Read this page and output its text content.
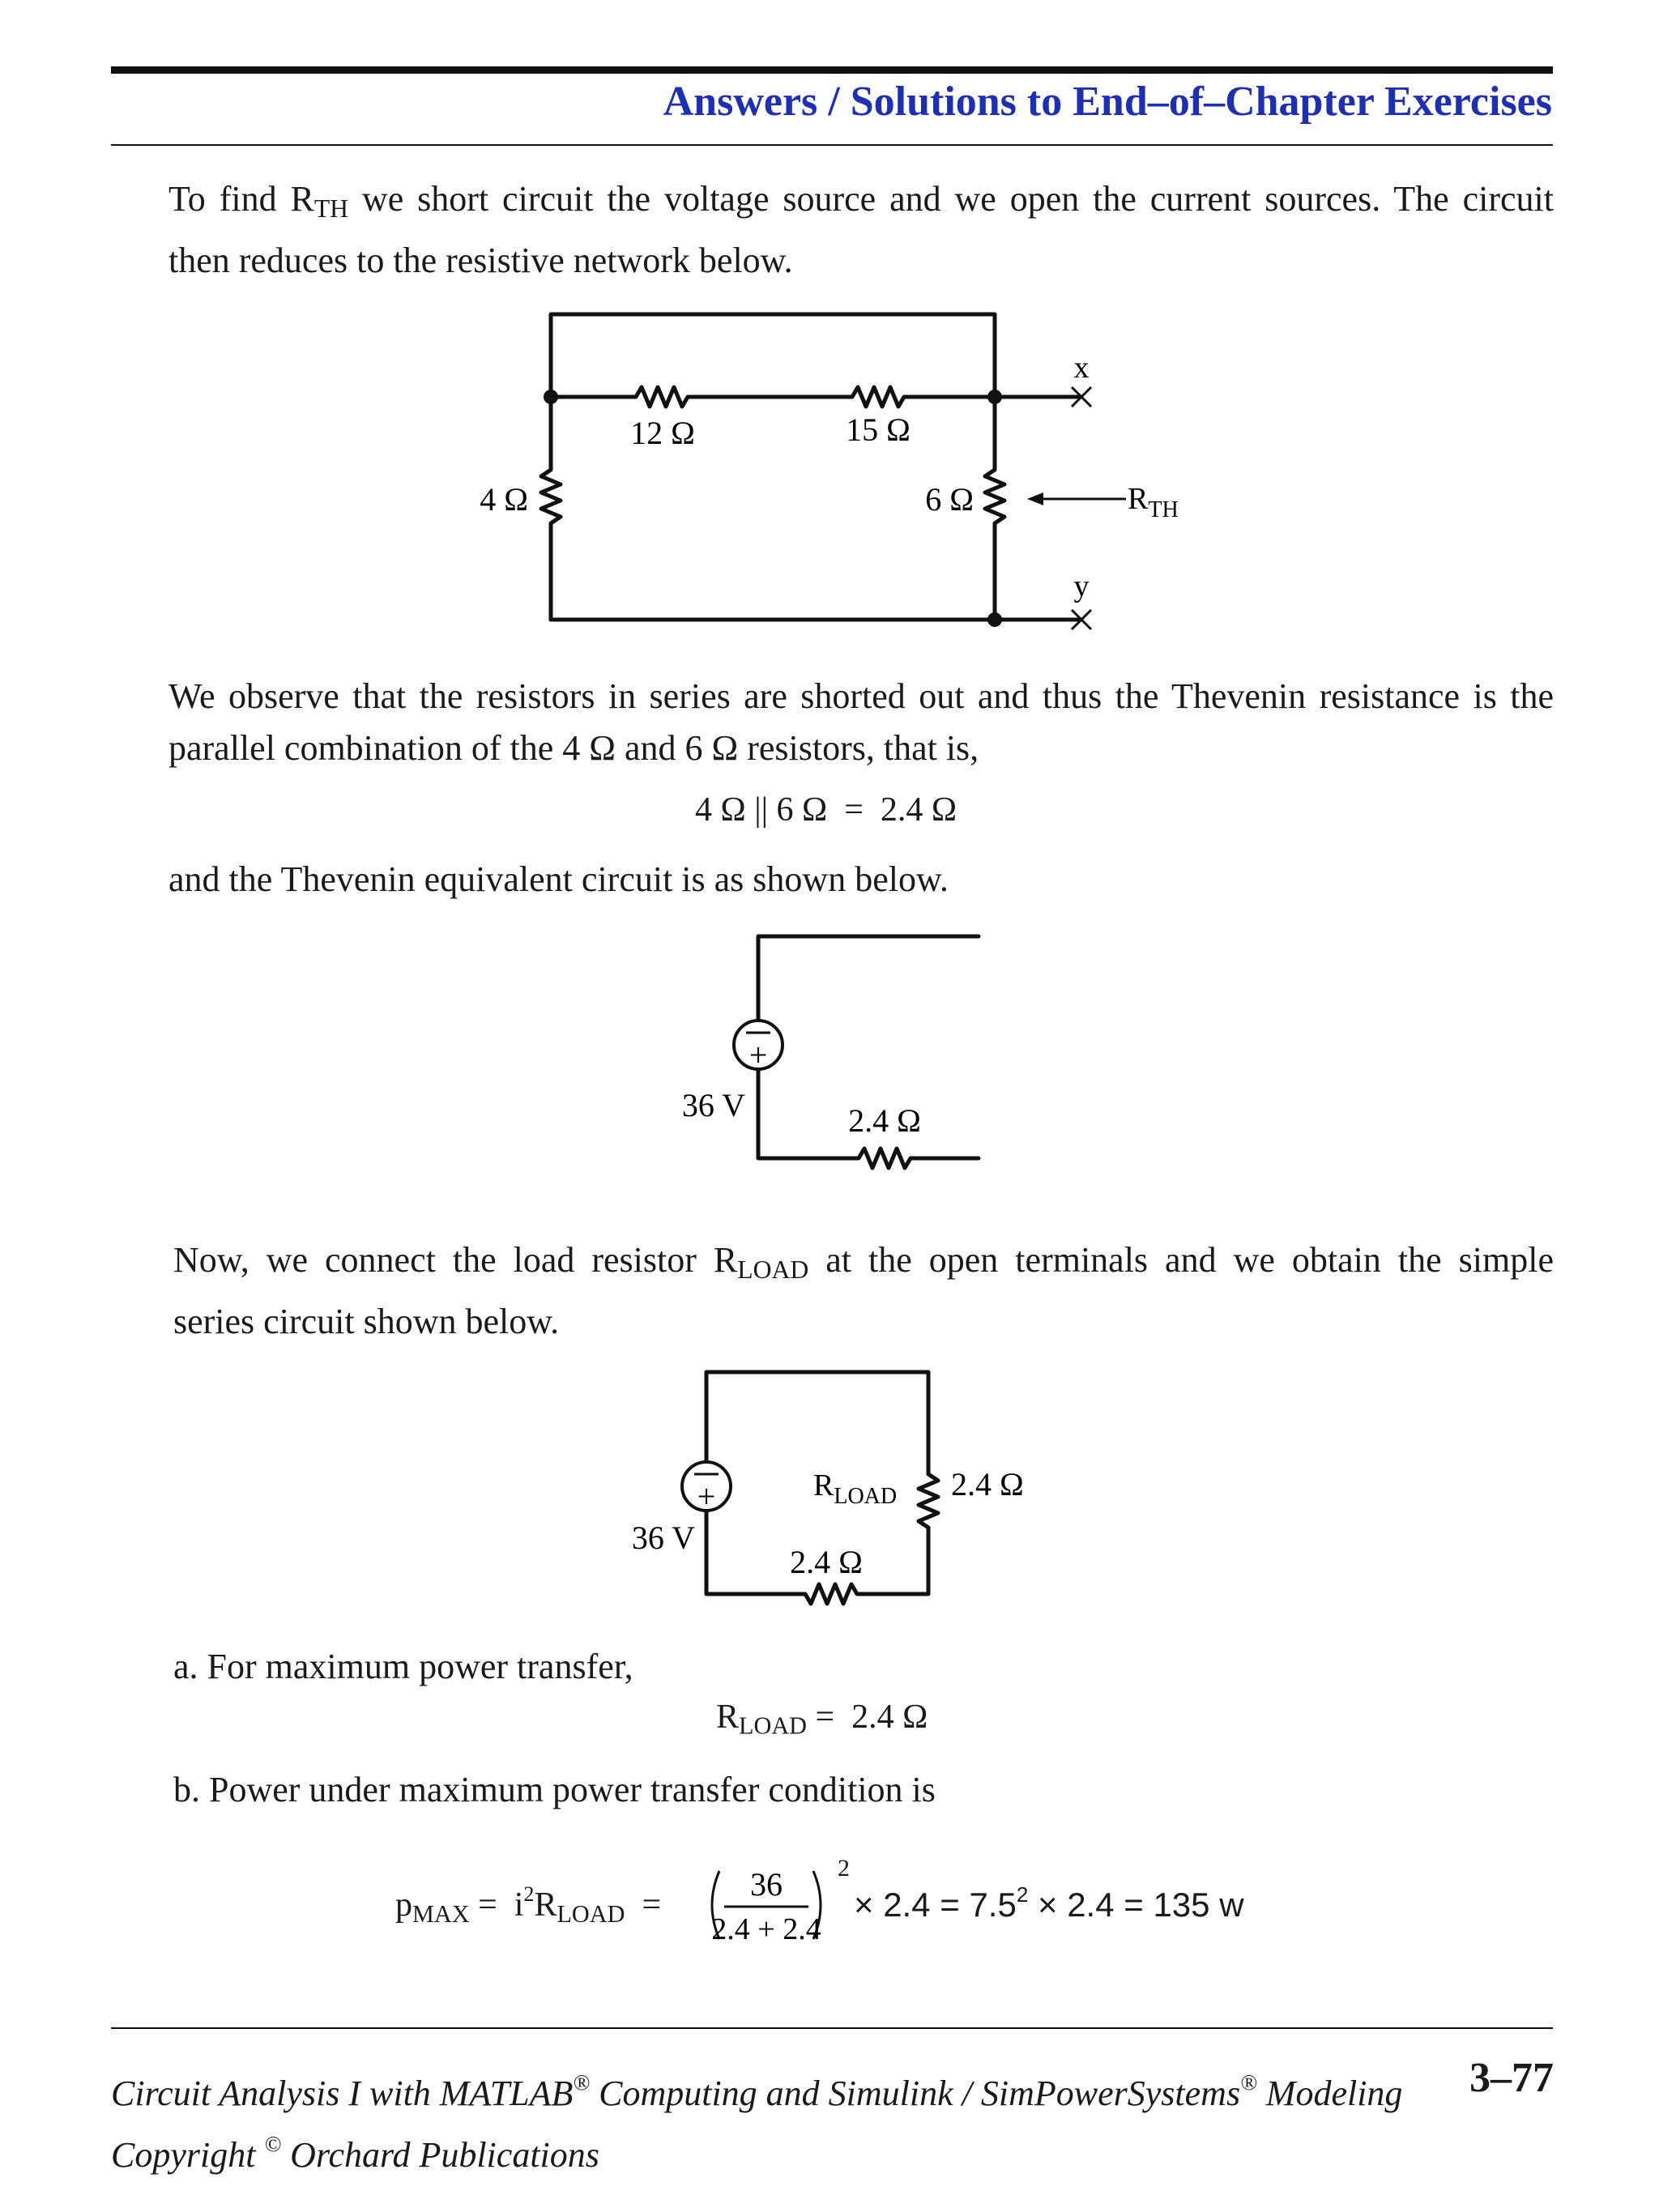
Answers / Solutions to End–of–Chapter Exercises
To find $R_{TH}$ we short circuit the voltage source and we open the current sources. The circuit
then reduces to the resistive network below.
12 Ω	15 Ω
4 Ω	6 Ω
x
y
$R_{TH}$
We observe that the resistors in series are shorted out and thus the Thevenin resistance is the
parallel combination of the 4 Ω and 6 Ω resistors, that is,
4 Ω || 6 Ω  =  2.4 Ω
and the Thevenin equivalent circuit is as shown below.
+
36 V	2.4 Ω
Now, we connect the load resistor $R_{LOAD}$ at the open terminals and we obtain the simple
series circuit shown below.
+
36 V
2.4 Ω
$R_{LOAD}$ 2.4 Ω
a. For maximum power transfer,
$R_{LOAD} = 2.4$ Ω
b. Power under maximum power transfer condition is
$p_{MAX} = i^2R_{LOAD}$  =
36
2.4 + 2.4
2
× $2.4 = 7.5^2 \times 2.4 = 135$ w
Circuit Analysis I with MATLAB® Computing and Simulink / SimPowerSystems® Modeling
Copyright © Orchard Publications
3–77
